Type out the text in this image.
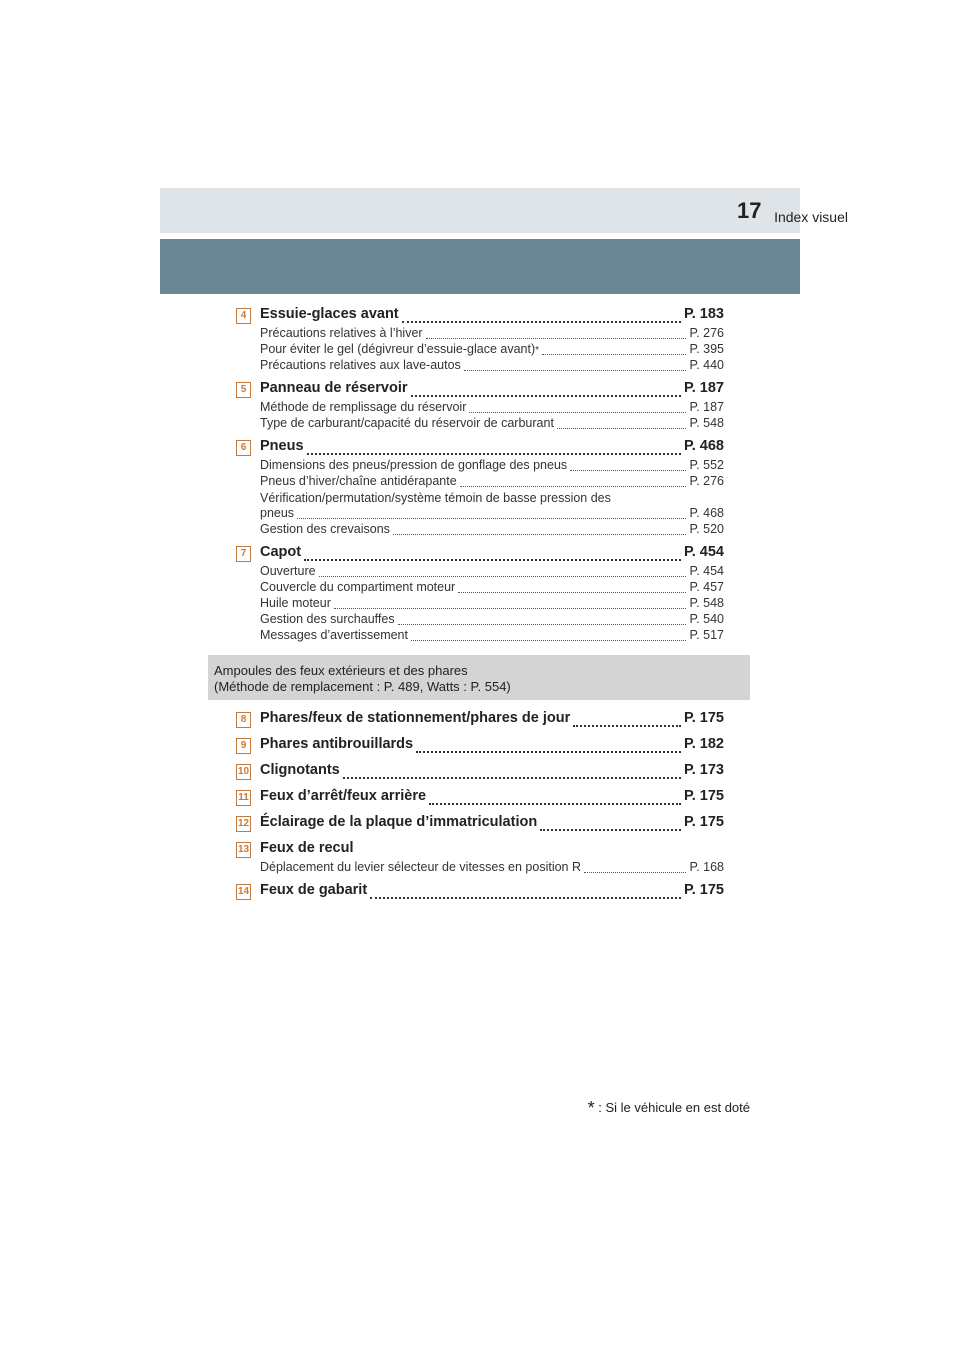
Index visuel
17
4 Essuie-glaces avant	P. 183
Précautions relatives à l’hiver	P. 276
Pour éviter le gel (dégivreur d’essuie-glace avant) *	P. 395
Précautions relatives aux lave-autos	P. 440
5 Panneau de réservoir	P. 187
Méthode de remplissage du réservoir	P. 187
Type de carburant/capacité du réservoir de carburant	P. 548
6 Pneus	P. 468
Dimensions des pneus/pression de gonflage des pneus	P. 552
Pneus d’hiver/chaîne antidérapante	P. 276
Vérification/permutation/système témoin de basse pression des
pneus	P. 468
Gestion des crevaisons	P. 520
7 Capot	P. 454
Ouverture	P. 454
Couvercle du compartiment moteur	P. 457
Huile moteur	P. 548
Gestion des surchauffes	P. 540
Messages d’avertissement	P. 517
Ampoules des feux extérieurs et des phares
(Méthode de remplacement : P. 489, Watts : P. 554)
8 Phares/feux de stationnement/phares de jour	P. 175
9 Phares antibrouillards	P. 182
10 Clignotants	P. 173
11 Feux d’arrêt/feux arrière	P. 175
12 Éclairage de la plaque d’immatriculation	P. 175
13 Feux de recul
Déplacement du levier sélecteur de vitesses en position R	P. 168
14 Feux de gabarit	P. 175
* : Si le véhicule en est doté
